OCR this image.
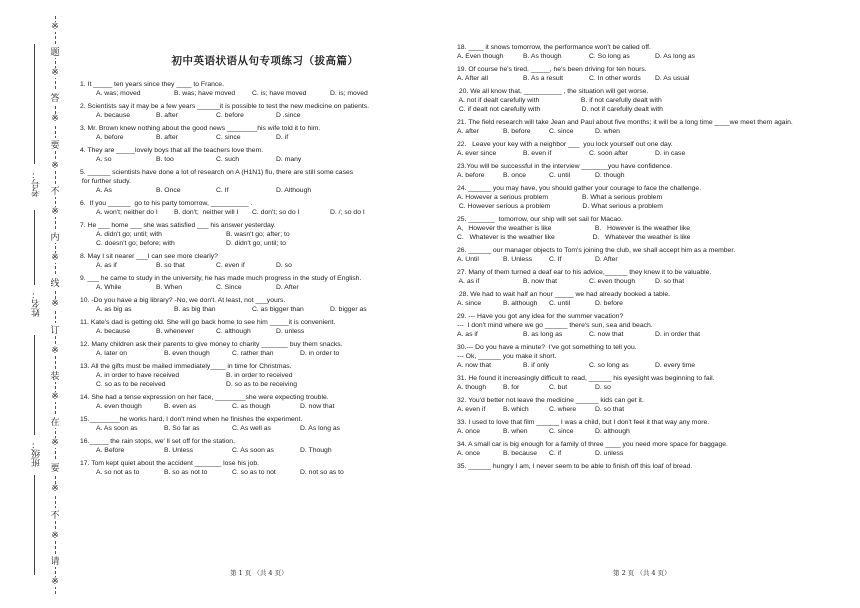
※
题
※
答
※
要
※
不
※
内
※
线
※
订
※
装
※
在
※
要
※
不
※
请
※
考号：
姓名：
班级：
初中英语状语从句专项练习（拔高篇）
1. It _____ ten years since they ____ to France.
A. was; moved	B. was; have moved	C. is; have moved	D. is; moved
2. Scientists say it may be a few years ______it is possible to test the new medicine on patients.
A. because	B. after	C. before	D .since
3. Mr. Brown knew nothing about the good news ________his wife told it to him.
A. before	B. after	C. since	D. if
4. They are _____lovely boys that all the teachers love them.
A. so	B. too	C. such	D. many
5. ______ scientists have done a lot of research on A (H1N1) flu, there are still some cases
for further study.
A. As	B. Once	C. If	D. Although
6.  If you ______  go to his party tomorrow, __________ .
A. won't; neither do I	B. don't;  neither will I	C. don't; so do I	D. /; so do I
7. He ___ home ___ she was satisfied ___ his answer yesterday.
A. didn't go; until; with	B. wasn't go; after; to
C. doesn't go; before; with	D. didn't go; until; to
8. May I sit nearer ___I can see more clearly?
A. as if	B. so that	C. even if	D. so
9. ___ he came to study in the university, he has made much progress in the study of English.
A. While	B. When	C. Since	D. After
10. -Do you have a big library? -No, we don't. At least, not ___yours.
A. as big as	B. as big than	C. as bigger than	D. bigger as
11. Kate's dad is getting old. She will go back home to see him _____it is convenient.
A. because	B. whenever	C. although	D. unless
12. Many children ask their parents to give money to charity _______ buy them snacks.
A. later on	B. even though	C. rather than	D. in order to
13. All the gifts must be mailed immediately____ in time for Christmas.
A. in order to have received	B. in order to received
C. so as to be received	D. so as to be receiving
14. She had a tense expression on her face, ________she were expecting trouble.
A. even though	B. even as	C. as though	D. now that
15.________he works hard, I don't mind when he finishes the experiment.
A. As soon as	B. So far as	C. As well as	D. As long as
16._____ the rain stops, we' ll set off for the station.
A. Before	B. Unless	C. As soon as	D. Though
17. Tom kept quiet about the accident _______ lose his job.
A. so not as to	B. so as not to	C. so as to not	D. not so as to
18. ____ it snows tomorrow, the performance won't be called off.
A. Even though	B. As though	C. So long as	D. As long as
19. Of course he's tired. _____, he's been driving for ten hours.
A. After all	B. As a result	C. In other words	D. As usual
20. We all know that, __________ , the situation will get worse.
A. not if dealt carefully with                      B. if not carefully dealt with
C. if dealt not carefully with                      D. not if carefully dealt with
21. The field research will take Jean and Paul about five months; it will be a long time ____we meet them again.
A. after	B. before	C. since	D. when
22.   Leave your key with a neighbor ___  you lock yourself out one day.
A. ever since	B. even if	C. soon after	D. in case
23.You will be successful in the interview _______you have confidence.
A. before	B. once	C. until	D. though
24. ______ you may have, you should gather your courage to face the challenge.
A. However a serious problem                  B. What a serious problem
C. However serious a problem                 D. What serious a problem
25. _______  tomorrow, our ship will set sail for Macao.
A．However the weather is like                       B.   However is the weather like
C.   Whatever is the weather like                    D.   Whatever the weather is like
26. ______ our manager objects to Tom's joining the club, we shall accept him as a member.
A. Until	B. Unless	C. If	D. After
27. Many of them turned a deaf ear to his advice,______ they knew it to be valuable.
A. as if	B. now that	C. even though	D. so that
28. We had to wait half an hour _____ we had already booked a table.
A. since	B. although	C. until	D. before
29. --- Have you got any idea for the summer vacation?
---  I don't mind where we go ______ there's sun, sea and beach.
A. as if	B. as long as	C. now that	D. in order that
30.--- Do you have a minute?  I've got something to tell you.
--- Ok, ______ you make it short.
A. now that	B. if only	C. so long as	D. every time
31. He found it increasingly difficult to read, ______ his eyesight was beginning to fail.
A. though	B. for	C. but	D. so
32. You'd better not leave the medicine ______ kids can get it.
A. even if	B. which	C. where	D. so that
33. I used to love that film ______ I was a child, but I don't feel it that way any more.
A. once	B. when	C. since	D. although
34. A small car is big enough for a family of three ____ you need more space for baggage.
A. once	B. because	C. if	D. unless
35. ______ hungry I am, I never seem to be able to finish off this loaf of bread.
第 1 页 （共 4 页）	第 2 页 （共 4 页）
